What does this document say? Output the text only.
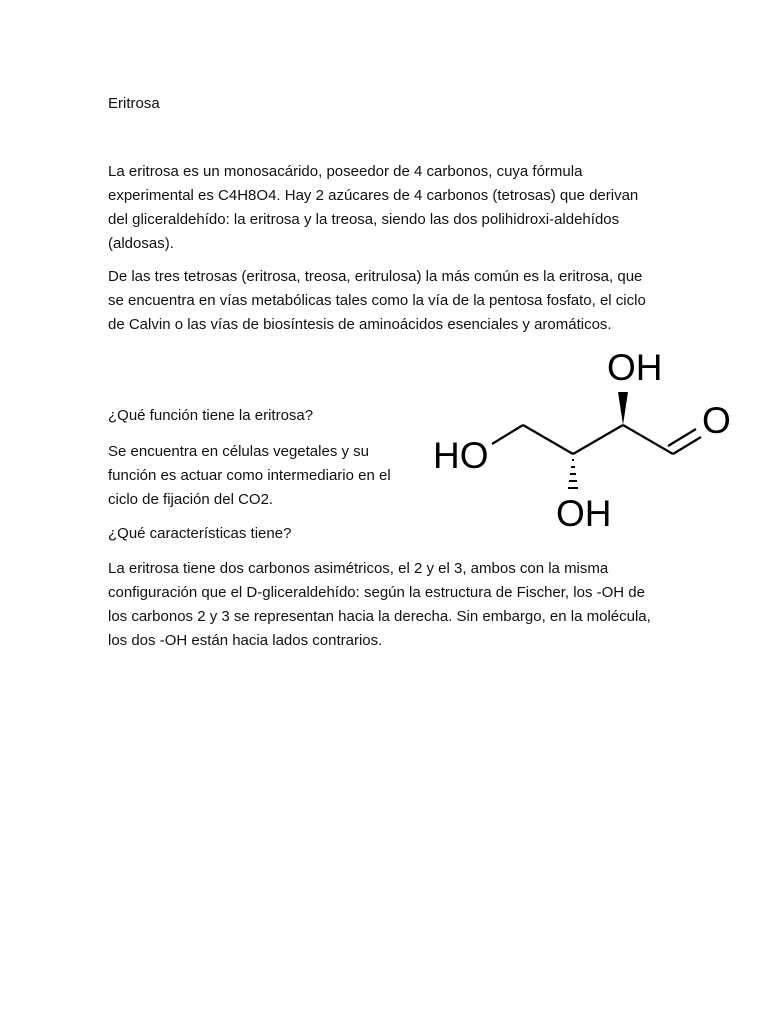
Eritrosa

La eritrosa es un monosacárido, poseedor de 4 carbonos, cuya fórmula experimental es C4H8O4. Hay 2 azúcares de 4 carbonos (tetrosas) que derivan del gliceraldehído: la eritrosa y la treosa, siendo las dos polihidroxi-aldehídos (aldosas).

De las tres tetrosas (eritrosa, treosa, eritrulosa) la más común es la eritrosa, que se encuentra en vías metabólicas tales como la vía de la pentosa fosfato, el ciclo de Calvin o las vías de biosíntesis de aminoácidos esenciales y aromáticos.

¿Qué función tiene la eritrosa?

Se encuentra en células vegetales y su función es actuar como intermediario en el ciclo de fijación del CO2.

¿Qué características tiene?

La eritrosa tiene dos carbonos asimétricos, el 2 y el 3, ambos con la misma configuración que el D-gliceraldehído: según la estructura de Fischer, los -OH de los carbonos 2 y 3 se representan hacia la derecha. Sin embargo, en la molécula, los dos -OH están hacia lados contrarios.

HO
O
OH
OH
